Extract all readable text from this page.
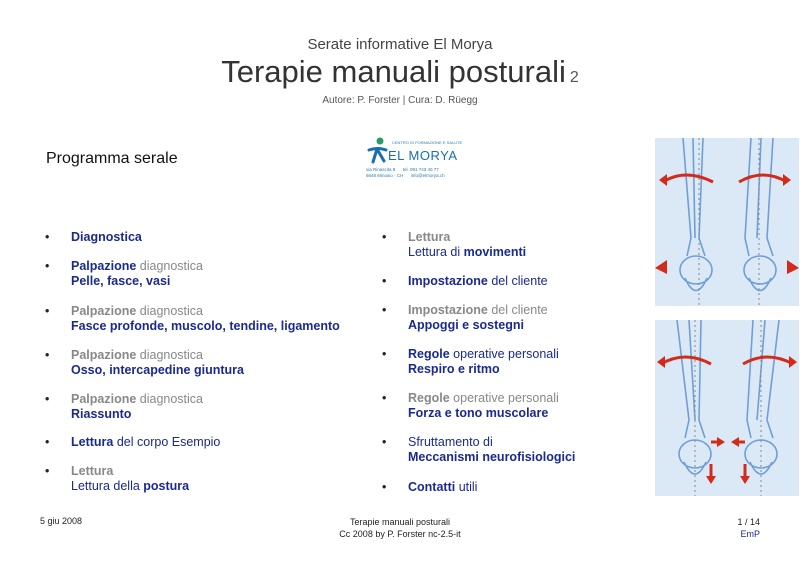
Serate informative El Morya
Terapie manuali posturali 2
Autore: P. Forster | Cura: D. Rüegg
Programma serale
CENTRO DI FORMAZIONE E SALUTE
EL MORYA
via Rinascita 8 tel. 091 743 40 77
6648 Minusio · CH info@elmorya.ch
• Diagnostica
• Palpazione diagnostica
Pelle, fasce, vasi
• Palpazione diagnostica
Fasce profonde, muscolo, tendine, ligamento
• Palpazione diagnostica
Osso, intercapedine giuntura
• Palpazione diagnostica
Riassunto
• Lettura del corpo Esempio
• Lettura
Lettura della postura
• Lettura
Lettura di movimenti
• Impostazione del cliente
• Impostazione del cliente
Appoggi e sostegni
• Regole operative personali
Respiro e ritmo
• Regole operative personali
Forza e tono muscolare
• Sfruttamento di
Meccanismi neurofisiologici
• Contatti utili
5 giu 2008	Terapie manuali posturali
Cc 2008 by P. Forster nc-2.5-it
1 / 14
EmP
